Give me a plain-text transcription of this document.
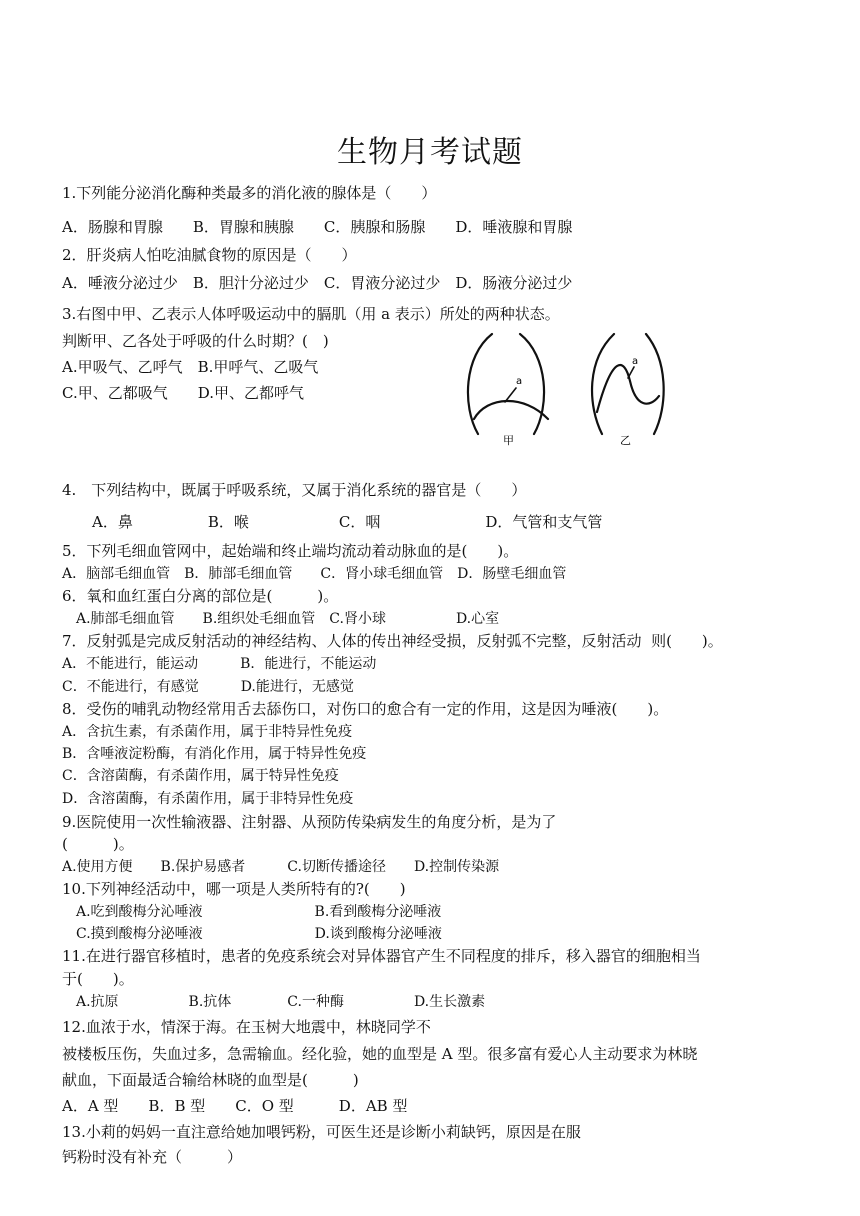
生物月考试题
1.下列能分泌消化酶种类最多的消化液的腺体是（　　）
A．肠腺和胃腺　　B．胃腺和胰腺　　C．胰腺和肠腺　　D．唾液腺和胃腺
2．肝炎病人怕吃油腻食物的原因是（　　）
A．唾液分泌过少　B．胆汁分泌过少　C．胃液分泌过少　D．肠液分泌过少
3.右图中甲、乙表示人体呼吸运动中的膈肌（用 a 表示）所处的两种状态。
判断甲、乙各处于呼吸的什么时期？(　)
A.甲吸气、乙呼气　B.甲呼气、乙吸气
C.甲、乙都吸气　　D.甲、乙都呼气
a
a
甲	乙
4.　下列结构中，既属于呼吸系统，又属于消化系统的器官是（　　）
　　A．鼻　　　　　B．喉　　　　　　C．咽　　　　　　　D．气管和支气管
5．下列毛细血管网中，起始端和终止端均流动着动脉血的是(　　)。
A．脑部毛细血管　B．肺部毛细血管　　C．肾小球毛细血管　D．肠壁毛细血管
6．氧和血红蛋白分离的部位是(　　　)。
　A.肺部毛细血管　　B.组织处毛细血管　C.肾小球　　　　　D.心室
7．反射弧是完成反射活动的神经结构、人体的传出神经受损，反射弧不完整，反射活动  则(　　)。
A．不能进行，能运动　　　B．能进行，不能运动
C．不能进行，有感觉　　　D.能进行，无感觉
8．受伤的哺乳动物经常用舌去舔伤口，对伤口的愈合有一定的作用，这是因为唾液(　　)。
A．含抗生素，有杀菌作用，属于非特异性免疫
B．含唾液淀粉酶，有消化作用，属于特异性免疫
C．含溶菌酶，有杀菌作用，属于特异性免疫
D．含溶菌酶，有杀菌作用，属于非特异性免疫
9.医院使用一次性输液器、注射器、从预防传染病发生的角度分析，是为了
(　　　)。
A.使用方便　　B.保护易感者　　　C.切断传播途径　　D.控制传染源
10.下列神经活动中，哪一项是人类所特有的?(　　)
　A.吃到酸梅分沁唾液　　　　　　　　B.看到酸梅分泌唾液
　C.摸到酸梅分泌唾液　　　　　　　　D.谈到酸梅分泌唾液
11.在进行器官移植时，患者的免疫系统会对异体器官产生不同程度的排斥，移入器官的细胞相当
于(　　)。
　A.抗原　　　　　B.抗体　　　　C.一种酶　　　　　D.生长激素
12.血浓于水，情深于海。在玉树大地震中，林晓同学不
被楼板压伤，失血过多，急需输血。经化验，她的血型是 A 型。很多富有爱心人主动要求为林晓
献血，下面最适合输给林晓的血型是(　　　)
A．A 型　　B．B 型　　C．O 型　　　D．AB 型
13.小莉的妈妈一直注意给她加喂钙粉，可医生还是诊断小莉缺钙，原因是在服
钙粉时没有补充（　　　）
